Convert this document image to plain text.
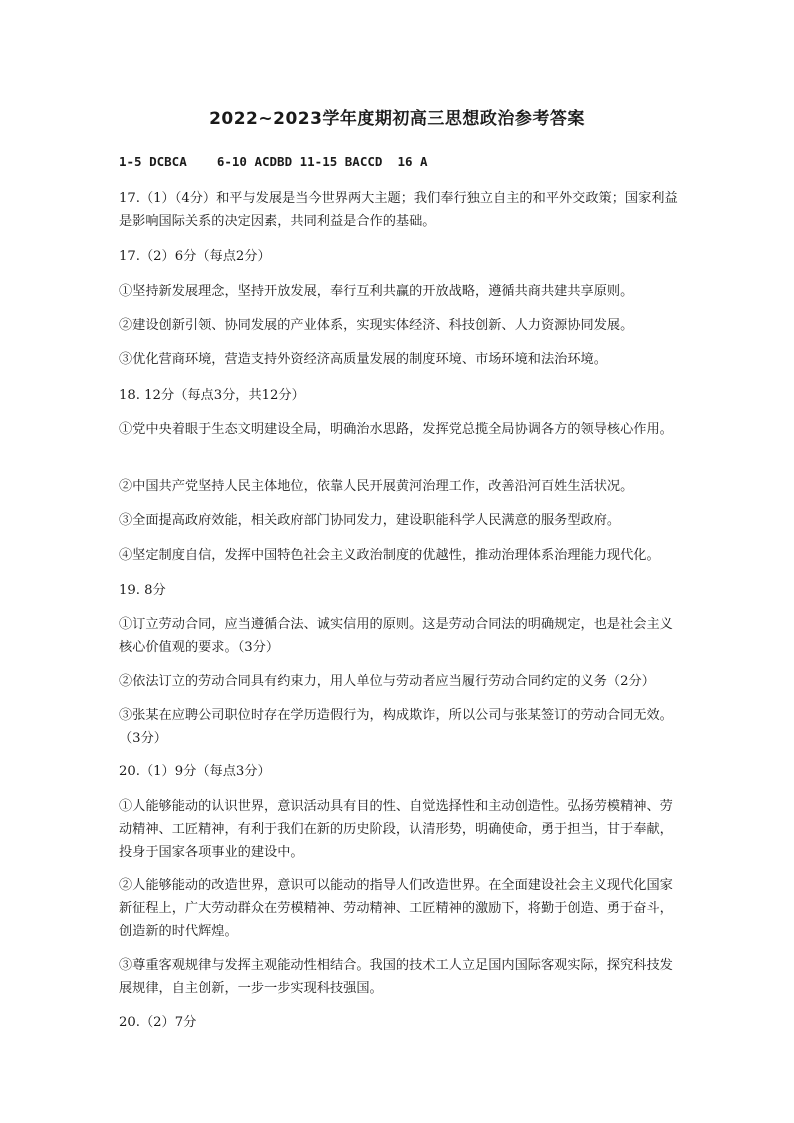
2022~2023学年度期初高三思想政治参考答案
1-5 DCBCA    6-10 ACDBD 11-15 BACCD  16 A
17.（1）（4分）和平与发展是当今世界两大主题；我们奉行独立自主的和平外交政策；国家利益是影响国际关系的决定因素，共同利益是合作的基础。
17.（2）6分（每点2分）
①坚持新发展理念，坚持开放发展，奉行互利共赢的开放战略，遵循共商共建共享原则。
②建设创新引领、协同发展的产业体系，实现实体经济、科技创新、人力资源协同发展。
③优化营商环境，营造支持外资经济高质量发展的制度环境、市场环境和法治环境。
18. 12分（每点3分，共12分）
①党中央着眼于生态文明建设全局，明确治水思路，发挥党总揽全局协调各方的领导核心作用。
②中国共产党坚持人民主体地位，依靠人民开展黄河治理工作，改善沿河百姓生活状况。
③全面提高政府效能，相关政府部门协同发力，建设职能科学人民满意的服务型政府。
④坚定制度自信，发挥中国特色社会主义政治制度的优越性，推动治理体系治理能力现代化。
19. 8分
①订立劳动合同，应当遵循合法、诚实信用的原则。这是劳动合同法的明确规定，也是社会主义核心价值观的要求。（3分）
②依法订立的劳动合同具有约束力，用人单位与劳动者应当履行劳动合同约定的义务（2分）
③张某在应聘公司职位时存在学历造假行为，构成欺诈，所以公司与张某签订的劳动合同无效。（3分）
20.（1）9分（每点3分）
①人能够能动的认识世界，意识活动具有目的性、自觉选择性和主动创造性。弘扬劳模精神、劳动精神、工匠精神，有利于我们在新的历史阶段，认清形势，明确使命，勇于担当，甘于奉献，投身于国家各项事业的建设中。
②人能够能动的改造世界，意识可以能动的指导人们改造世界。在全面建设社会主义现代化国家新征程上，广大劳动群众在劳模精神、劳动精神、工匠精神的激励下，将勤于创造、勇于奋斗，创造新的时代辉煌。
③尊重客观规律与发挥主观能动性相结合。我国的技术工人立足国内国际客观实际，探究科技发展规律，自主创新，一步一步实现科技强国。
20.（2）7分
